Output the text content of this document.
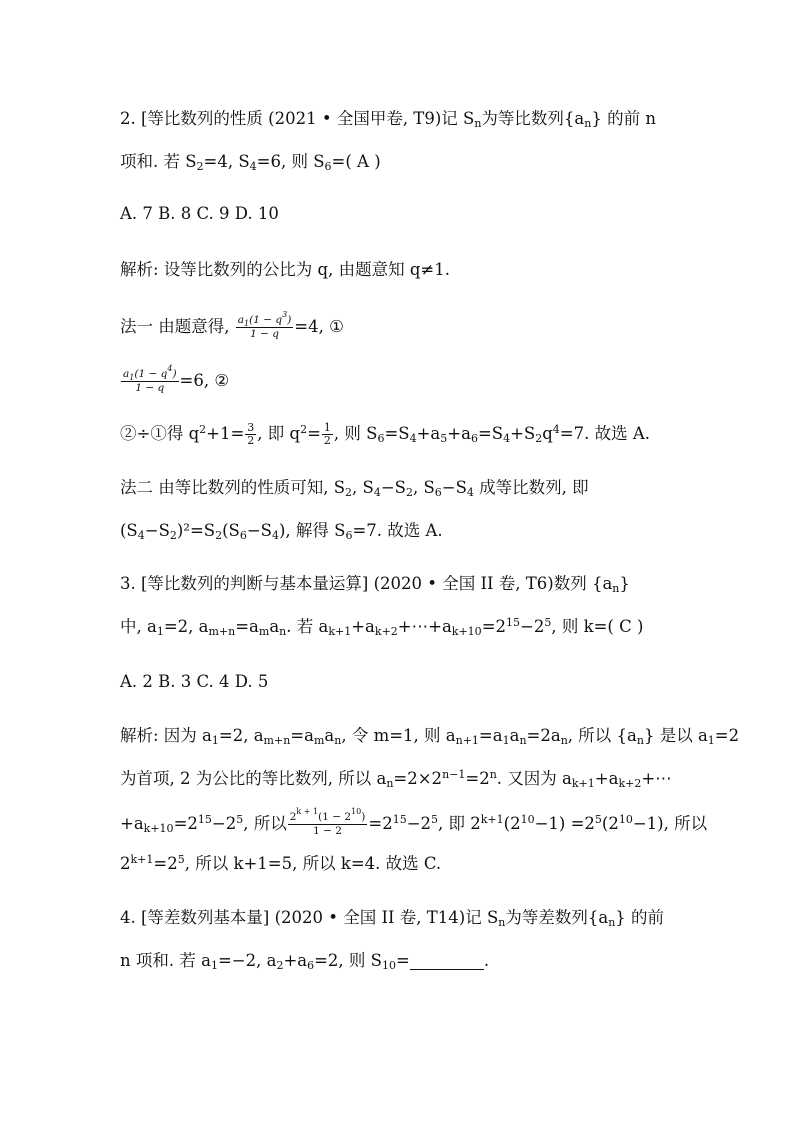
2. [等比数列的性质 (2021 • 全国甲卷, T9)记 $S_n$为等比数列$\{a_n\}$ 的前 n
项和. 若 $S_2=4$, $S_4=6$, 则 $S_6=$( A )
A. 7 B. 8 C. 9 D. 10
解析: 设等比数列的公比为 q, 由题意知 q≠1.
法一 由题意得, $\frac{a_1(1 - q^3)}{1 - q} =4$, ①
$\frac{a_1(1 - q^4)}{1 - q} =6$, ②
②÷①得 $q^2+1= \frac{3}{2}$ , 即 $q^2= \frac{1}{2}$ , 则 $S_6=S_4+a_5+a_6=S_4+S_2q^4=7$. 故选 A.
法二 由等比数列的性质可知, $S_2$, $S_4-S_2$, $S_6-S_4$ 成等比数列, 即
$(S_4-S_2)^2=S_2(S_6-S_4)$, 解得 $S_6=7$. 故选 A.
3. [等比数列的判断与基本量运算] (2020 • 全国 II 卷, T6)数列 $\{a_n\}$
中, $a_1=2$, $a_{m+n}=a_ma_n$. 若 $a_{k+1}+a_{k+2}+\cdots+a_{k+10}=2^{15}-2^5$, 则 k=( C )
A. 2 B. 3 C. 4 D. 5
解析: 因为 $a_1=2$, $a_{m+n}=a_ma_n$, 令 m=1, 则 $a_{n+1}=a_1a_n=2a_n$, 所以 $\{a_n\}$ 是以 $a_1=2$
为首项, 2 为公比的等比数列, 所以 $a_n=2\times 2^{n-1}=2^n$. 又因为 $a_{k+1}+a_{k+2}+\cdots$
$+a_{k+10}=2^{15}-2^5$, 所以 $\frac{2^{k + 1}(1 - 2^{10})}{1 - 2} =2^{15}-2^5$, 即 $2^{k+1}(2^{10}-1) =2^5(2^{10}-1)$, 所以
$2^{k+1}=2^5$, 所以 k+1=5, 所以 k=4. 故选 C.
4. [等差数列基本量] (2020 • 全国 II 卷, T14)记 $S_n$为等差数列$\{a_n\}$ 的前
n 项和. 若 $a_1=-2$, $a_2+a_6=2$, 则 $S_{10}=$	.
